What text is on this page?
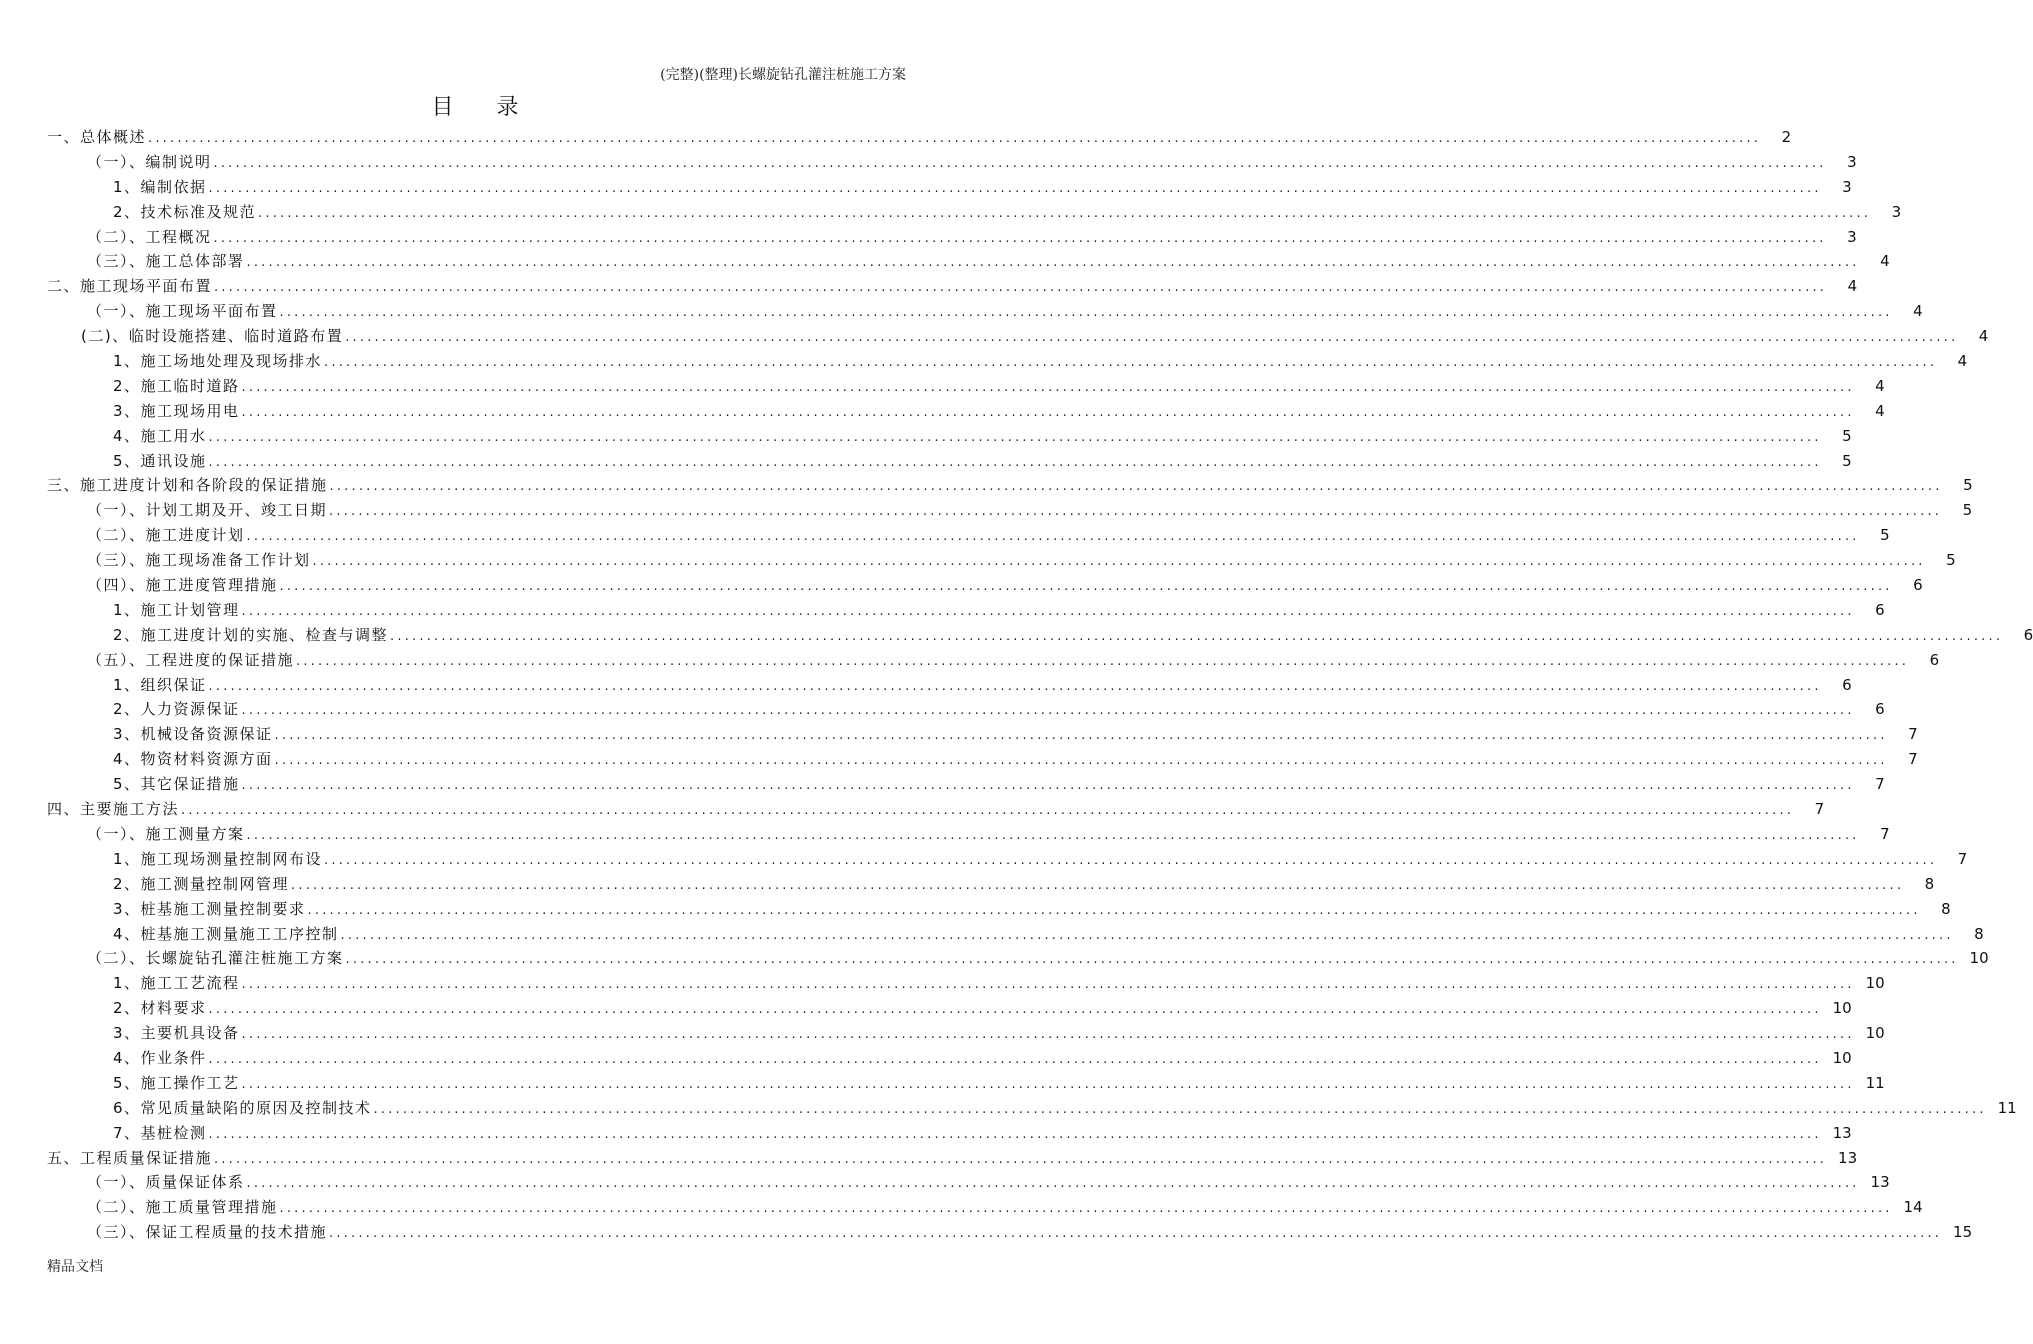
(完整)(整理)长螺旋钻孔灌注桩施工方案
目 录
一、总体概述 ............................................................................................................................................................................................................................	2
（一）、编制说明 ............................................................................................................................................................................................................................	3
1、编制依据 ............................................................................................................................................................................................................................	3
2、技术标准及规范 ............................................................................................................................................................................................................................	3
（二）、工程概况 ............................................................................................................................................................................................................................	3
（三）、施工总体部署 ............................................................................................................................................................................................................................	4
二、施工现场平面布置 ............................................................................................................................................................................................................................	4
（一）、施工现场平面布置 ............................................................................................................................................................................................................................	4
(二)、临时设施搭建、临时道路布置 ............................................................................................................................................................................................................................	4
1、施工场地处理及现场排水 ............................................................................................................................................................................................................................	4
2、施工临时道路 ............................................................................................................................................................................................................................	4
3、施工现场用电 ............................................................................................................................................................................................................................	4
4、施工用水 ............................................................................................................................................................................................................................	5
5、通讯设施 ............................................................................................................................................................................................................................	5
三、施工进度计划和各阶段的保证措施 ............................................................................................................................................................................................................................	5
（一）、计划工期及开、竣工日期 ............................................................................................................................................................................................................................	5
（二）、施工进度计划 ............................................................................................................................................................................................................................	5
（三）、施工现场准备工作计划 ............................................................................................................................................................................................................................	5
（四）、施工进度管理措施 ............................................................................................................................................................................................................................	6
1、施工计划管理 ............................................................................................................................................................................................................................	6
2、施工进度计划的实施、检查与调整 ............................................................................................................................................................................................................................	6
（五）、工程进度的保证措施 ............................................................................................................................................................................................................................	6
1、组织保证 ............................................................................................................................................................................................................................	6
2、人力资源保证 ............................................................................................................................................................................................................................	6
3、机械设备资源保证 ............................................................................................................................................................................................................................	7
4、物资材料资源方面 ............................................................................................................................................................................................................................	7
5、其它保证措施 ............................................................................................................................................................................................................................	7
四、主要施工方法 ............................................................................................................................................................................................................................	7
（一）、施工测量方案 ............................................................................................................................................................................................................................	7
1、施工现场测量控制网布设 ............................................................................................................................................................................................................................	7
2、施工测量控制网管理 ............................................................................................................................................................................................................................	8
3、桩基施工测量控制要求 ............................................................................................................................................................................................................................	8
4、桩基施工测量施工工序控制 ............................................................................................................................................................................................................................	8
（二）、长螺旋钻孔灌注桩施工方案 ............................................................................................................................................................................................................................ 10
1、施工工艺流程 ............................................................................................................................................................................................................................ 10
2、材料要求 ............................................................................................................................................................................................................................ 10
3、主要机具设备 ............................................................................................................................................................................................................................ 10
4、作业条件 ............................................................................................................................................................................................................................ 10
5、施工操作工艺 ............................................................................................................................................................................................................................ 11
6、常见质量缺陷的原因及控制技术 ............................................................................................................................................................................................................................ 11
7、基桩检测 ............................................................................................................................................................................................................................ 13
五、工程质量保证措施 ............................................................................................................................................................................................................................ 13
（一）、质量保证体系 ............................................................................................................................................................................................................................ 13
（二）、施工质量管理措施 ............................................................................................................................................................................................................................ 14
（三）、保证工程质量的技术措施 ............................................................................................................................................................................................................................ 15
精品文档
